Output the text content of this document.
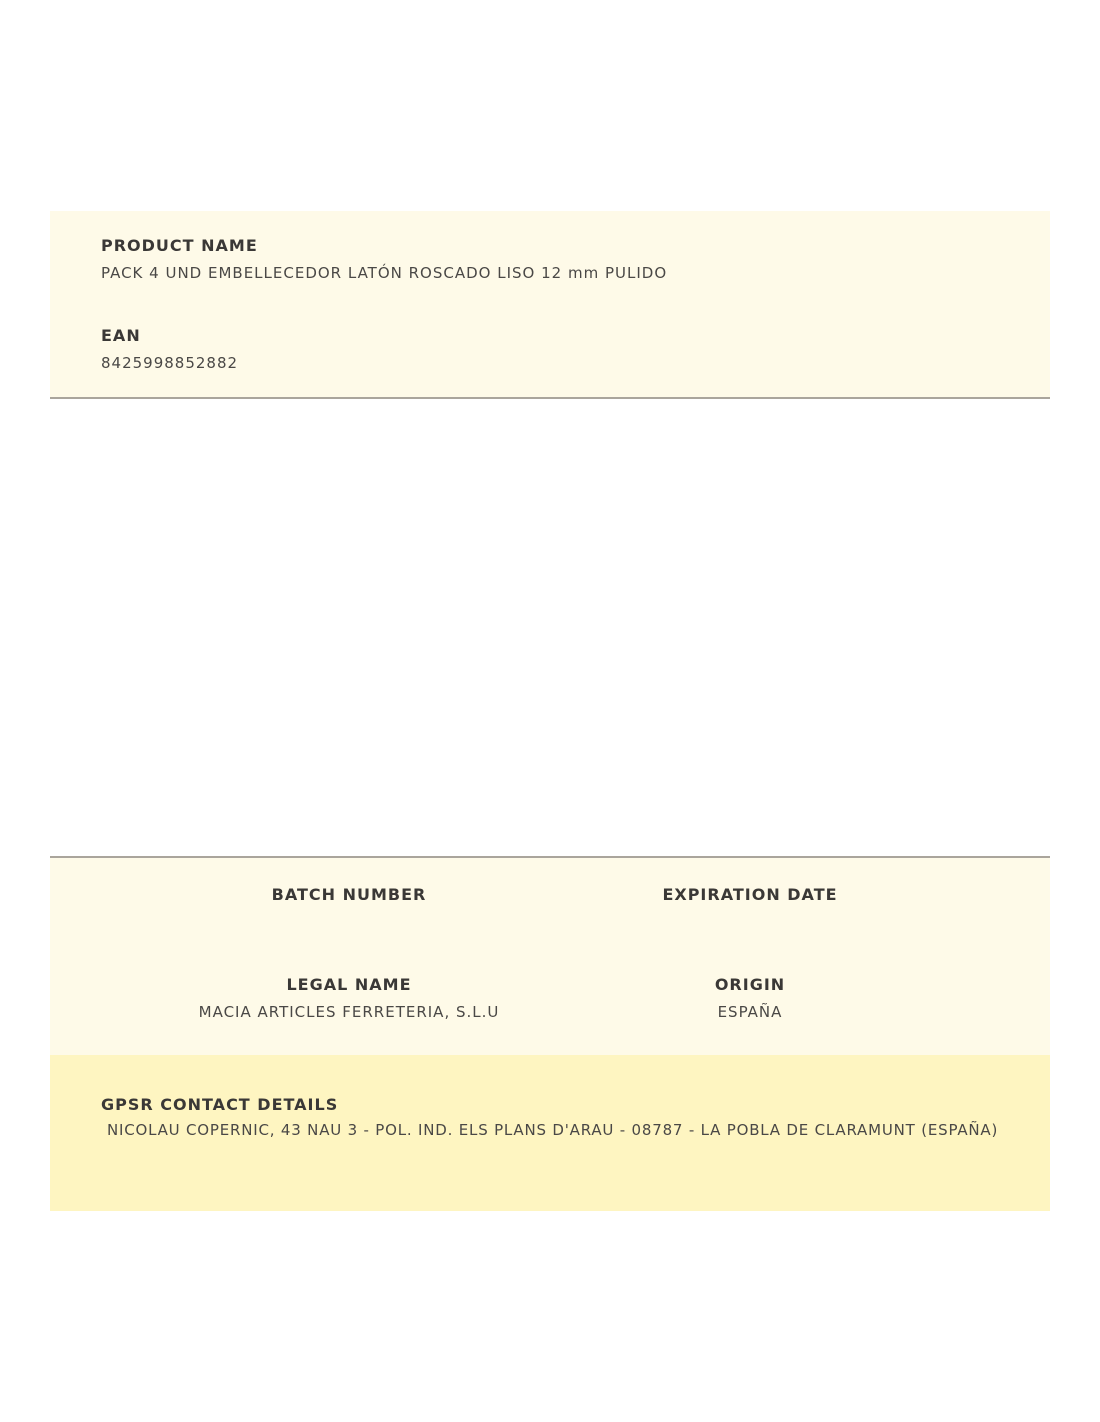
PRODUCT NAME
PACK 4 UND EMBELLECEDOR LATÓN ROSCADO LISO 12 mm PULIDO
EAN
8425998852882
BATCH NUMBER	EXPIRATION DATE
LEGAL NAME
MACIA ARTICLES FERRETERIA, S.L.U
ORIGIN
ESPAÑA
GPSR CONTACT DETAILS
NICOLAU COPERNIC, 43 NAU 3 - POL. IND. ELS PLANS D'ARAU - 08787 - LA POBLA DE CLARAMUNT (ESPAÑA)
